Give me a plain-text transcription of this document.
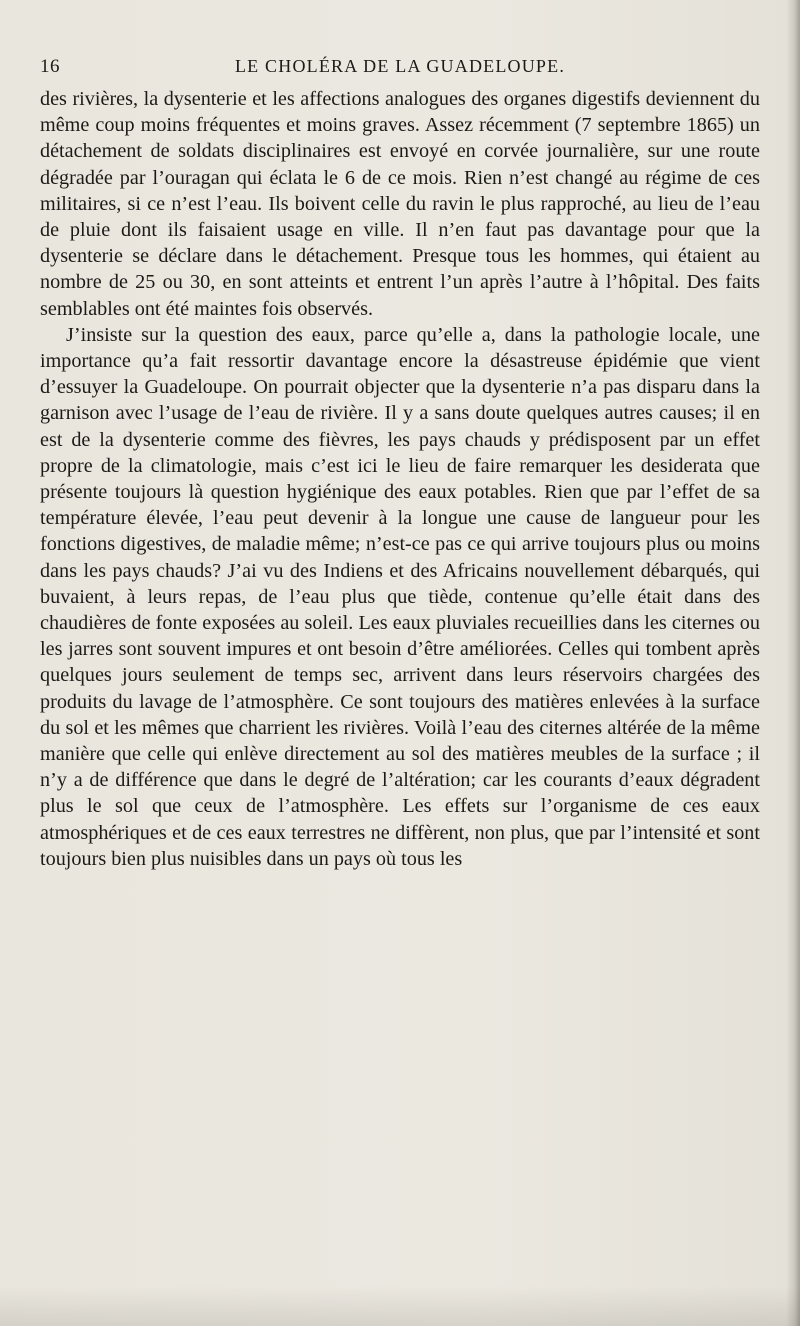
16	LE CHOLÉRA DE LA GUADELOUPE.

des rivières, la dysenterie et les affections analogues des organes digestifs deviennent du même coup moins fréquentes et moins graves. Assez récemment (7 septembre 1865) un détachement de soldats disciplinaires est envoyé en corvée journalière, sur une route dégradée par l’ouragan qui éclata le 6 de ce mois. Rien n’est changé au régime de ces militaires, si ce n’est l’eau. Ils boivent celle du ravin le plus rapproché, au lieu de l’eau de pluie dont ils faisaient usage en ville. Il n’en faut pas davantage pour que la dysenterie se déclare dans le détachement. Presque tous les hommes, qui étaient au nombre de 25 ou 30, en sont atteints et entrent l’un après l’autre à l’hôpital. Des faits semblables ont été maintes fois observés.

J’insiste sur la question des eaux, parce qu’elle a, dans la pathologie locale, une importance qu’a fait ressortir davantage encore la désastreuse épidémie que vient d’essuyer la Guadeloupe. On pourrait objecter que la dysenterie n’a pas disparu dans la garnison avec l’usage de l’eau de rivière. Il y a sans doute quelques autres causes; il en est de la dysenterie comme des fièvres, les pays chauds y prédisposent par un effet propre de la climatologie, mais c’est ici le lieu de faire remarquer les desiderata que présente toujours là question hygiénique des eaux potables. Rien que par l’effet de sa température élevée, l’eau peut devenir à la longue une cause de langueur pour les fonctions digestives, de maladie même; n’est-ce pas ce qui arrive toujours plus ou moins dans les pays chauds? J’ai vu des Indiens et des Africains nouvellement débarqués, qui buvaient, à leurs repas, de l’eau plus que tiède, contenue qu’elle était dans des chaudières de fonte exposées au soleil. Les eaux pluviales recueillies dans les citernes ou les jarres sont souvent impures et ont besoin d’être améliorées. Celles qui tombent après quelques jours seulement de temps sec, arrivent dans leurs réservoirs chargées des produits du lavage de l’atmosphère. Ce sont toujours des matières enlevées à la surface du sol et les mêmes que charrient les rivières. Voilà l’eau des citernes altérée de la même manière que celle qui enlève directement au sol des matières meubles de la surface ; il n’y a de différence que dans le degré de l’altération; car les courants d’eaux dégradent plus le sol que ceux de l’atmosphère. Les effets sur l’organisme de ces eaux atmosphériques et de ces eaux terrestres ne diffèrent, non plus, que par l’intensité et sont toujours bien plus nuisibles dans un pays où tous les
